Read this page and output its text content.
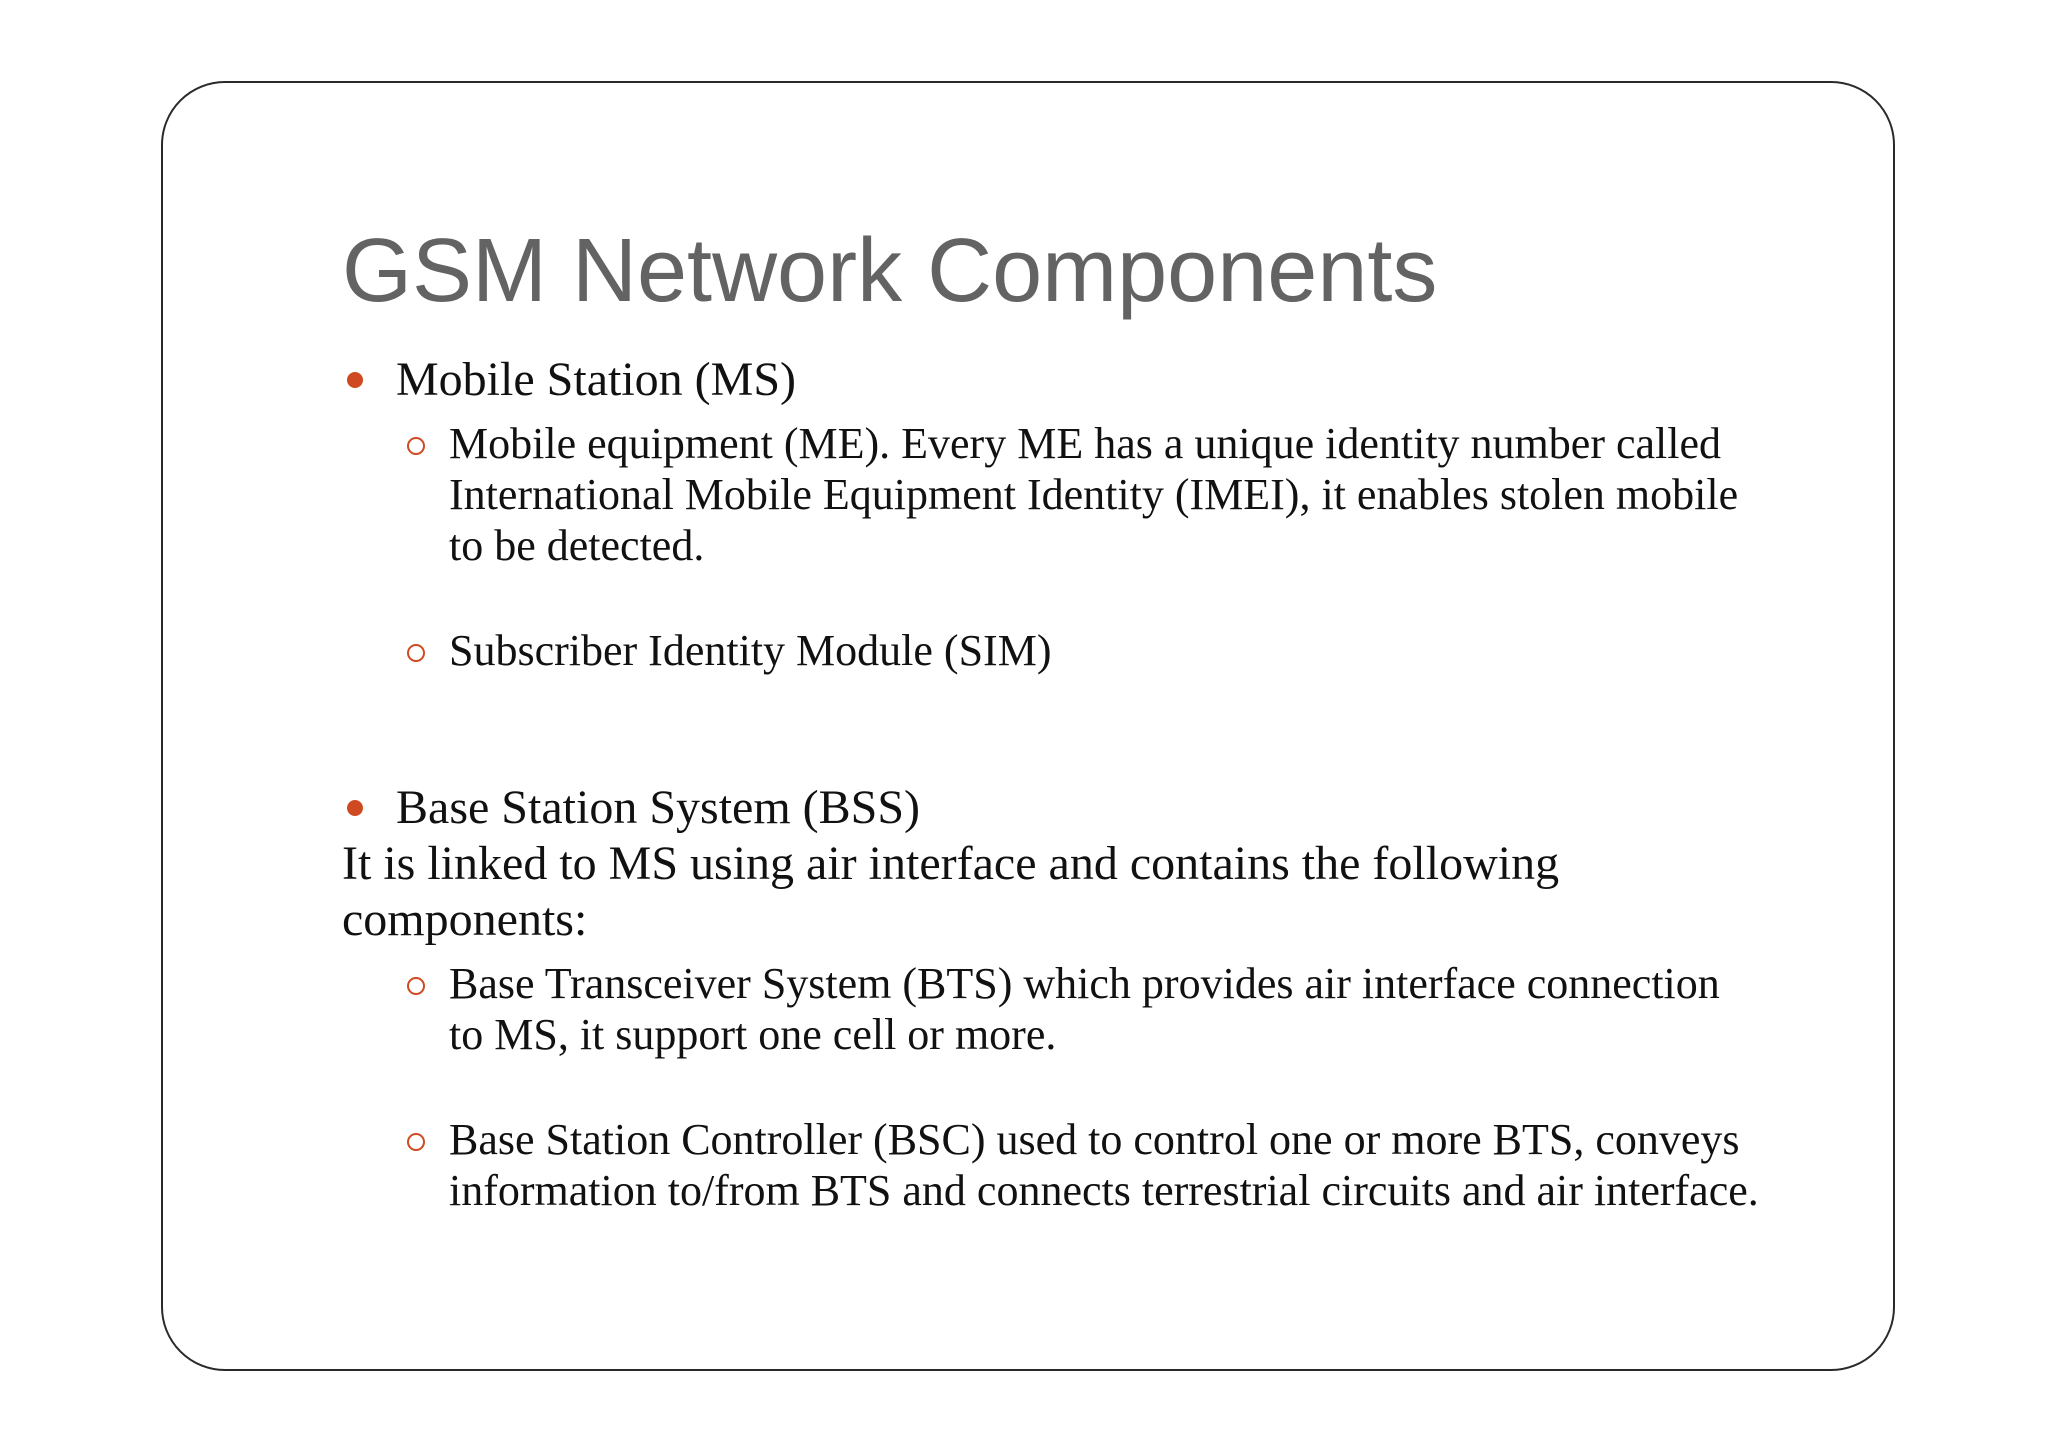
GSM Network Components

Mobile Station (MS)

Mobile equipment (ME). Every ME has a unique identity number called International Mobile Equipment Identity (IMEI), it enables stolen mobile to be detected.

Subscriber Identity Module (SIM)

Base Station System (BSS)

It is linked to MS using air interface and contains the following components:

Base Transceiver System (BTS) which provides air interface connection to MS, it support one cell or more.

Base Station Controller (BSC) used to control one or more BTS, conveys information to/from BTS and connects terrestrial circuits and air interface.
